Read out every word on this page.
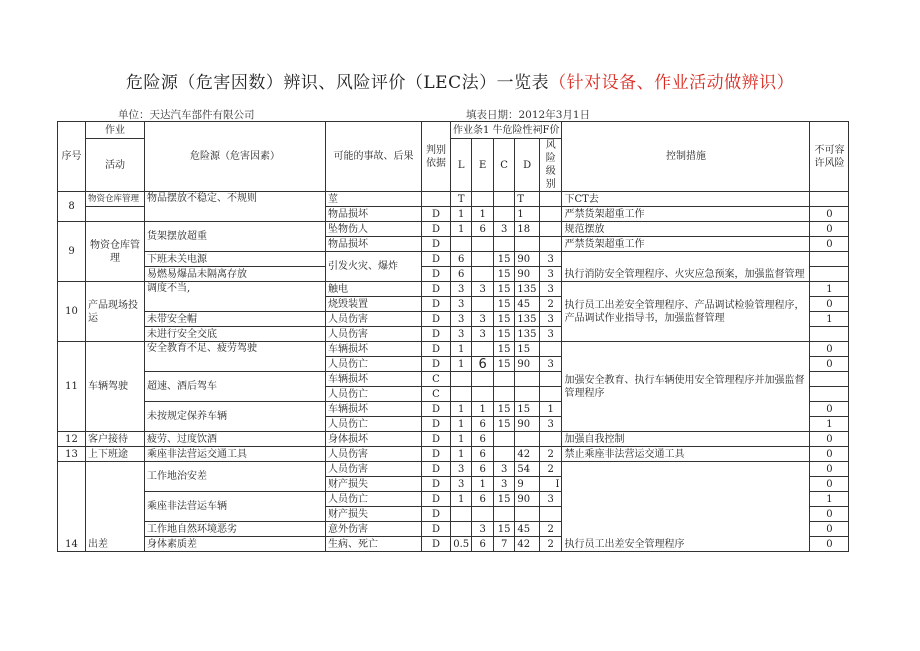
危险源（危害因数）辨识、风险评价（LEC法）一览表（针对设备、作业活动做辨识）
单位：天达汽车部件有限公司	填表日期：2012年3月1日
序号	作业	危险源（危害因素）	可能的事故、后果	判别依据	作业条1 牛危险性祠F价					控制措施	不可容许风险
	活动				L	E	C	D	风险级别		

8	物资仓库管理	物品摆放不稳定、不规则	莖		T			T		下CT去	
			物品损坏	D	1	1		1		严禁货架超重工作	0
9	物资仓库管理	货架摆放超重	坠物伤人	D	1	6	3	18		规范摆放	0
			物品损坏	D						严禁货架超重工作	0
		下班未关电源	引发火灾、爆炸	D	6		15	90	3	执行消防安全管理程序、火灾应急预案，加强监督管理	
		易燃易爆品未隔离存放		D	6		15	90	3		
10	产品现场投运	调度不当,	触电	D	3	3	15	135	3	执行员工出差安全管理程序、产品调试检验管理程序，产品调试作业指导书，加强监督管理	1
			烧毁装置	D	3		15	45	2		0
		未带安全帽	人员伤害	D	3	3	15	135	3		1
		未进行安全交底	人员伤害	D	3	3	15	135	3		
11	车辆驾驶	安全教育不足、疲劳驾驶	车辆损坏	D	1		15	15		加强安全教育、执行车辆使用安全管理程序并加强监督管理程序	0
			人员伤亡	D	1	6	15	90	3		0
		超速、酒后驾车	车辆损坏	C							
			人员伤亡	C							
		未按规定保养车辆	车辆损坏	D	1	1	15	15	1		0
			人员伤亡	D	1	6	15	90	3		1
12	客户接待	疲劳、过度饮酒	身体损坏	D	1	6				加强自我控制	0
13	上下班途	乘座非法营运交通工具	人员伤害	D	1	6		42	2	禁止乘座非法营运交通工具	0
14	出差	工作地治安差	人员伤害	D	3	6	3	54	2	执行员工出差安全管理程序	0
			财产损失	D	3	1	3	9	I		0
		乘座非法营运车辆	人员伤亡	D	1	6	15	90	3		1
			财产损失	D							0
		工作地自然环境恶劣	意外伤害	D		3	15	45	2		0
		身体素质差	生病、死亡	D	0.5	6	7	42	2		0
